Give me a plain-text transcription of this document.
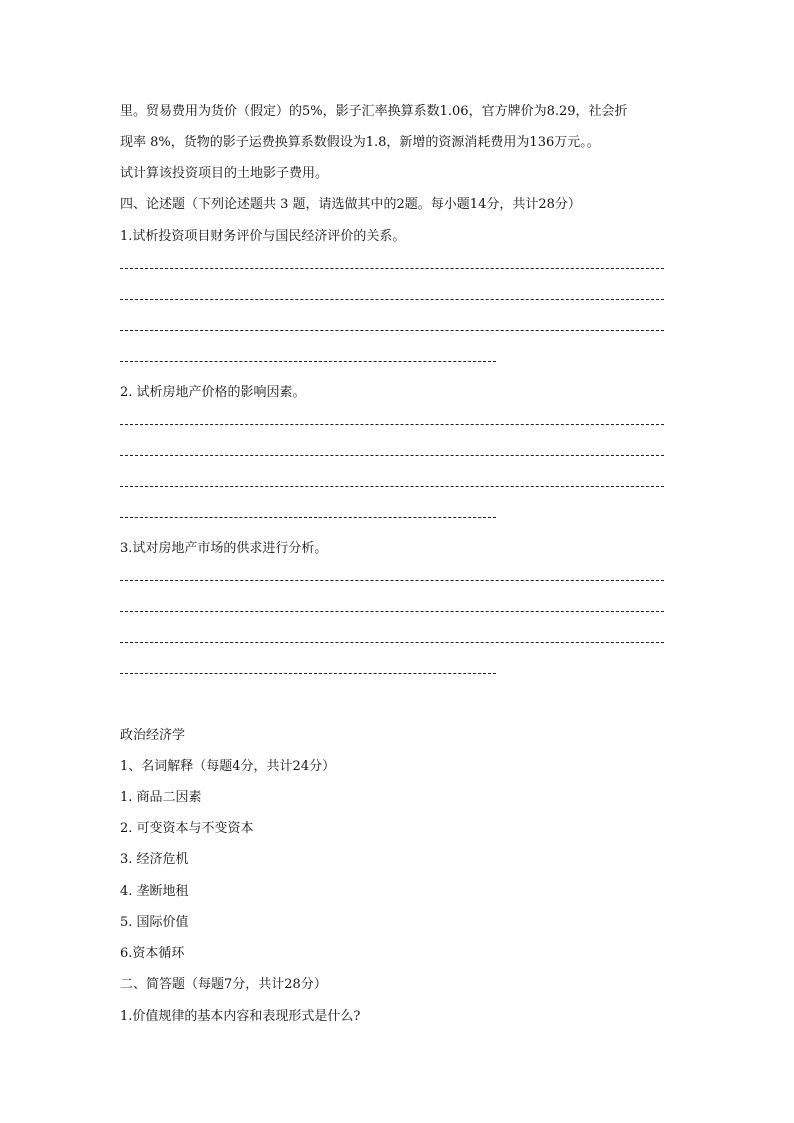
里。贸易费用为货价（假定）的5%，影子汇率换算系数1.06，官方牌价为8.29，社会折
现率 8%，货物的影子运费换算系数假设为1.8，新增的资源消耗费用为136万元。。
试计算该投资项目的土地影子费用。
四、论述题（下列论述题共 3 题，请选做其中的2题。每小题14分，共计28分）
1.试析投资项目财务评价与国民经济评价的关系。
2. 试析房地产价格的影响因素。
3.试对房地产市场的供求进行分析。
政治经济学
1、名词解释（每题4分，共计24分）
1. 商品二因素
2. 可变资本与不变资本
3. 经济危机
4. 垄断地租
5. 国际价值
6.资本循环
二、简答题（每题7分，共计28分）
1.价值规律的基本内容和表现形式是什么?
